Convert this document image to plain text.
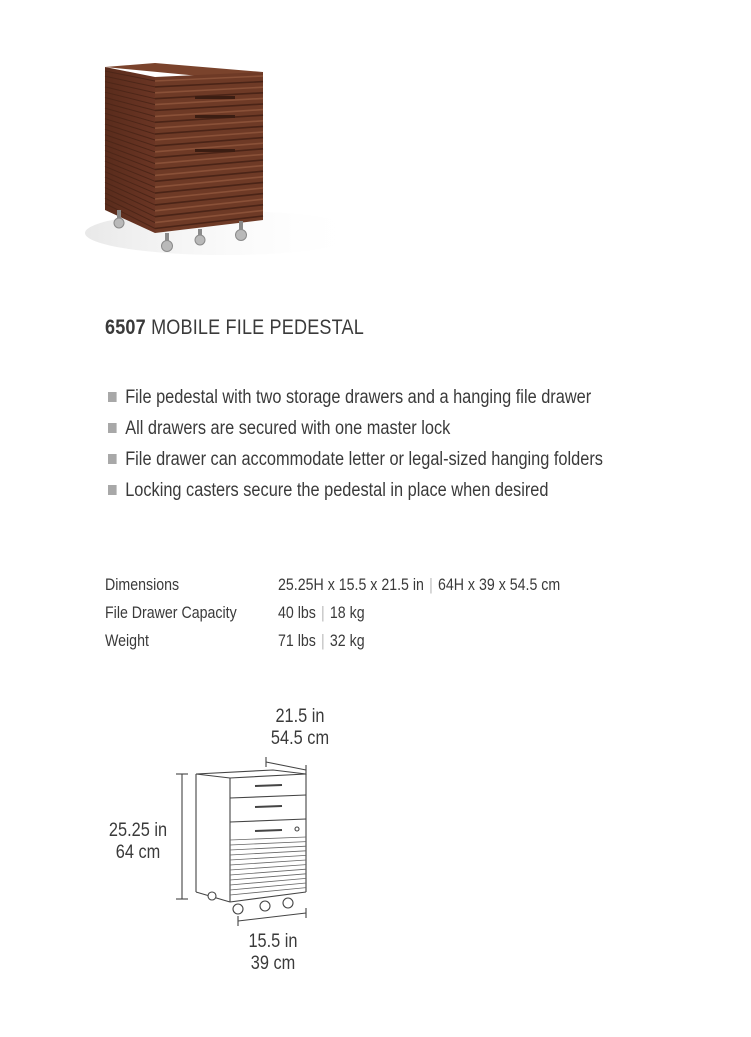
6507 MOBILE FILE PEDESTAL
File pedestal with two storage drawers and a hanging file drawer
All drawers are secured with one master lock
File drawer can accommodate letter or legal-sized hanging folders
Locking casters secure the pedestal in place when desired
Dimensions	25.25H x 15.5 x 21.5 in | 64H x 39 x 54.5 cm
File Drawer Capacity	40 lbs | 18 kg
Weight	71 lbs | 32 kg
21.5 in
54.5 cm
25.25 in
64 cm
15.5 in
39 cm
